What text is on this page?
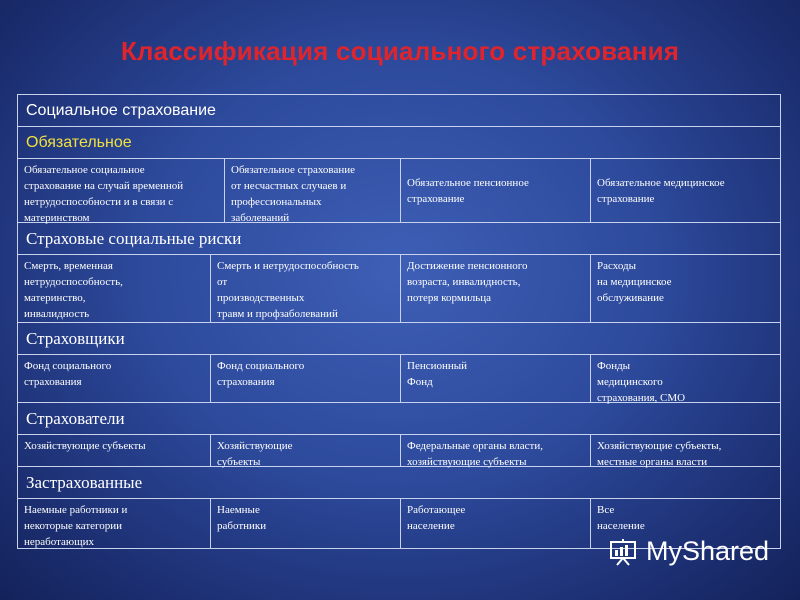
Классификация социального страхования
Социальное страхование
Обязательное
Обязательное социальное
страхование на случай временной
нетрудоспособности и в связи с
материнством
Обязательное страхование
от несчастных случаев и
профессиональных
заболеваний
Обязательное пенсионное
страхование
Обязательное медицинское
страхование
Страховые социальные риски
Смерть, временная
нетрудоспособность,
материнство,
инвалидность
Смерть и нетрудоспособность
от
производственных
травм и профзаболеваний
Достижение пенсионного
возраста, инвалидность,
потеря кормильца
Расходы
на медицинское
обслуживание
Страховщики
Фонд социального
страхования
Фонд социального
страхования
Пенсионный
Фонд
Фонды
медицинского
страхования, СМО
Страхователи
Хозяйствующие субъекты	Хозяйствующие
субъекты
Федеральные органы власти,
хозяйствующие субъекты
Хозяйствующие субъекты,
местные органы власти
Застрахованные
Наемные работники и
некоторые категории
неработающих
Наемные
работники
Работающее
население
Все
население
MyShared
